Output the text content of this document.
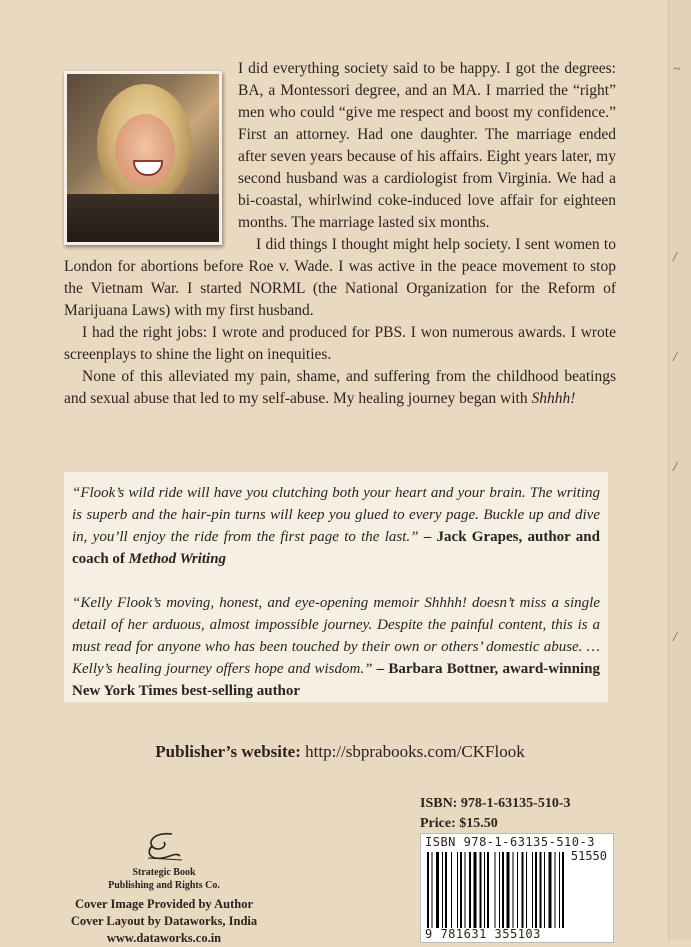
~
/
/
/
/

I did everything society said to be happy. I got the degrees: BA, a Montessori degree, and an MA. I married the “right” men who could “give me respect and boost my confidence.” First an attorney. Had one daughter. The marriage ended after seven years because of his affairs. Eight years later, my second husband was a cardiologist from Virginia. We had a bi-coastal, whirlwind coke-induced love affair for eighteen months. The marriage lasted six months.

I did things I thought might help society. I sent women to London for abortions before Roe v. Wade. I was active in the peace movement to stop the Vietnam War. I started NORML (the National Organization for the Reform of Marijuana Laws) with my first husband.

I had the right jobs: I wrote and produced for PBS. I won numerous awards. I wrote screenplays to shine the light on inequities.

None of this alleviated my pain, shame, and suffering from the childhood beatings and sexual abuse that led to my self-abuse. My healing journey began with Shhhh!

“Flook’s wild ride will have you clutching both your heart and your brain. The writing is superb and the hair-pin turns will keep you glued to every page. Buckle up and dive in, you’ll enjoy the ride from the first page to the last.” – Jack Grapes, author and coach of Method Writing

“Kelly Flook’s moving, honest, and eye-opening memoir Shhhh! doesn’t miss a single detail of her arduous, almost impossible journey. Despite the painful content, this is a must read for anyone who has been touched by their own or others’ domestic abuse. … Kelly’s healing journey offers hope and wisdom.” – Barbara Bottner, award-winning New York Times best-selling author

Publisher’s website: http://sbprabooks.com/CKFlook
ISBN: 978-1-63135-510-3
Price: $15.50
ISBN 978-1-63135-510-3
51550
9 781631 355103
Strategic Book
Publishing and Rights Co.
Cover Image Provided by Author
Cover Layout by Dataworks, India
www.dataworks.co.in
